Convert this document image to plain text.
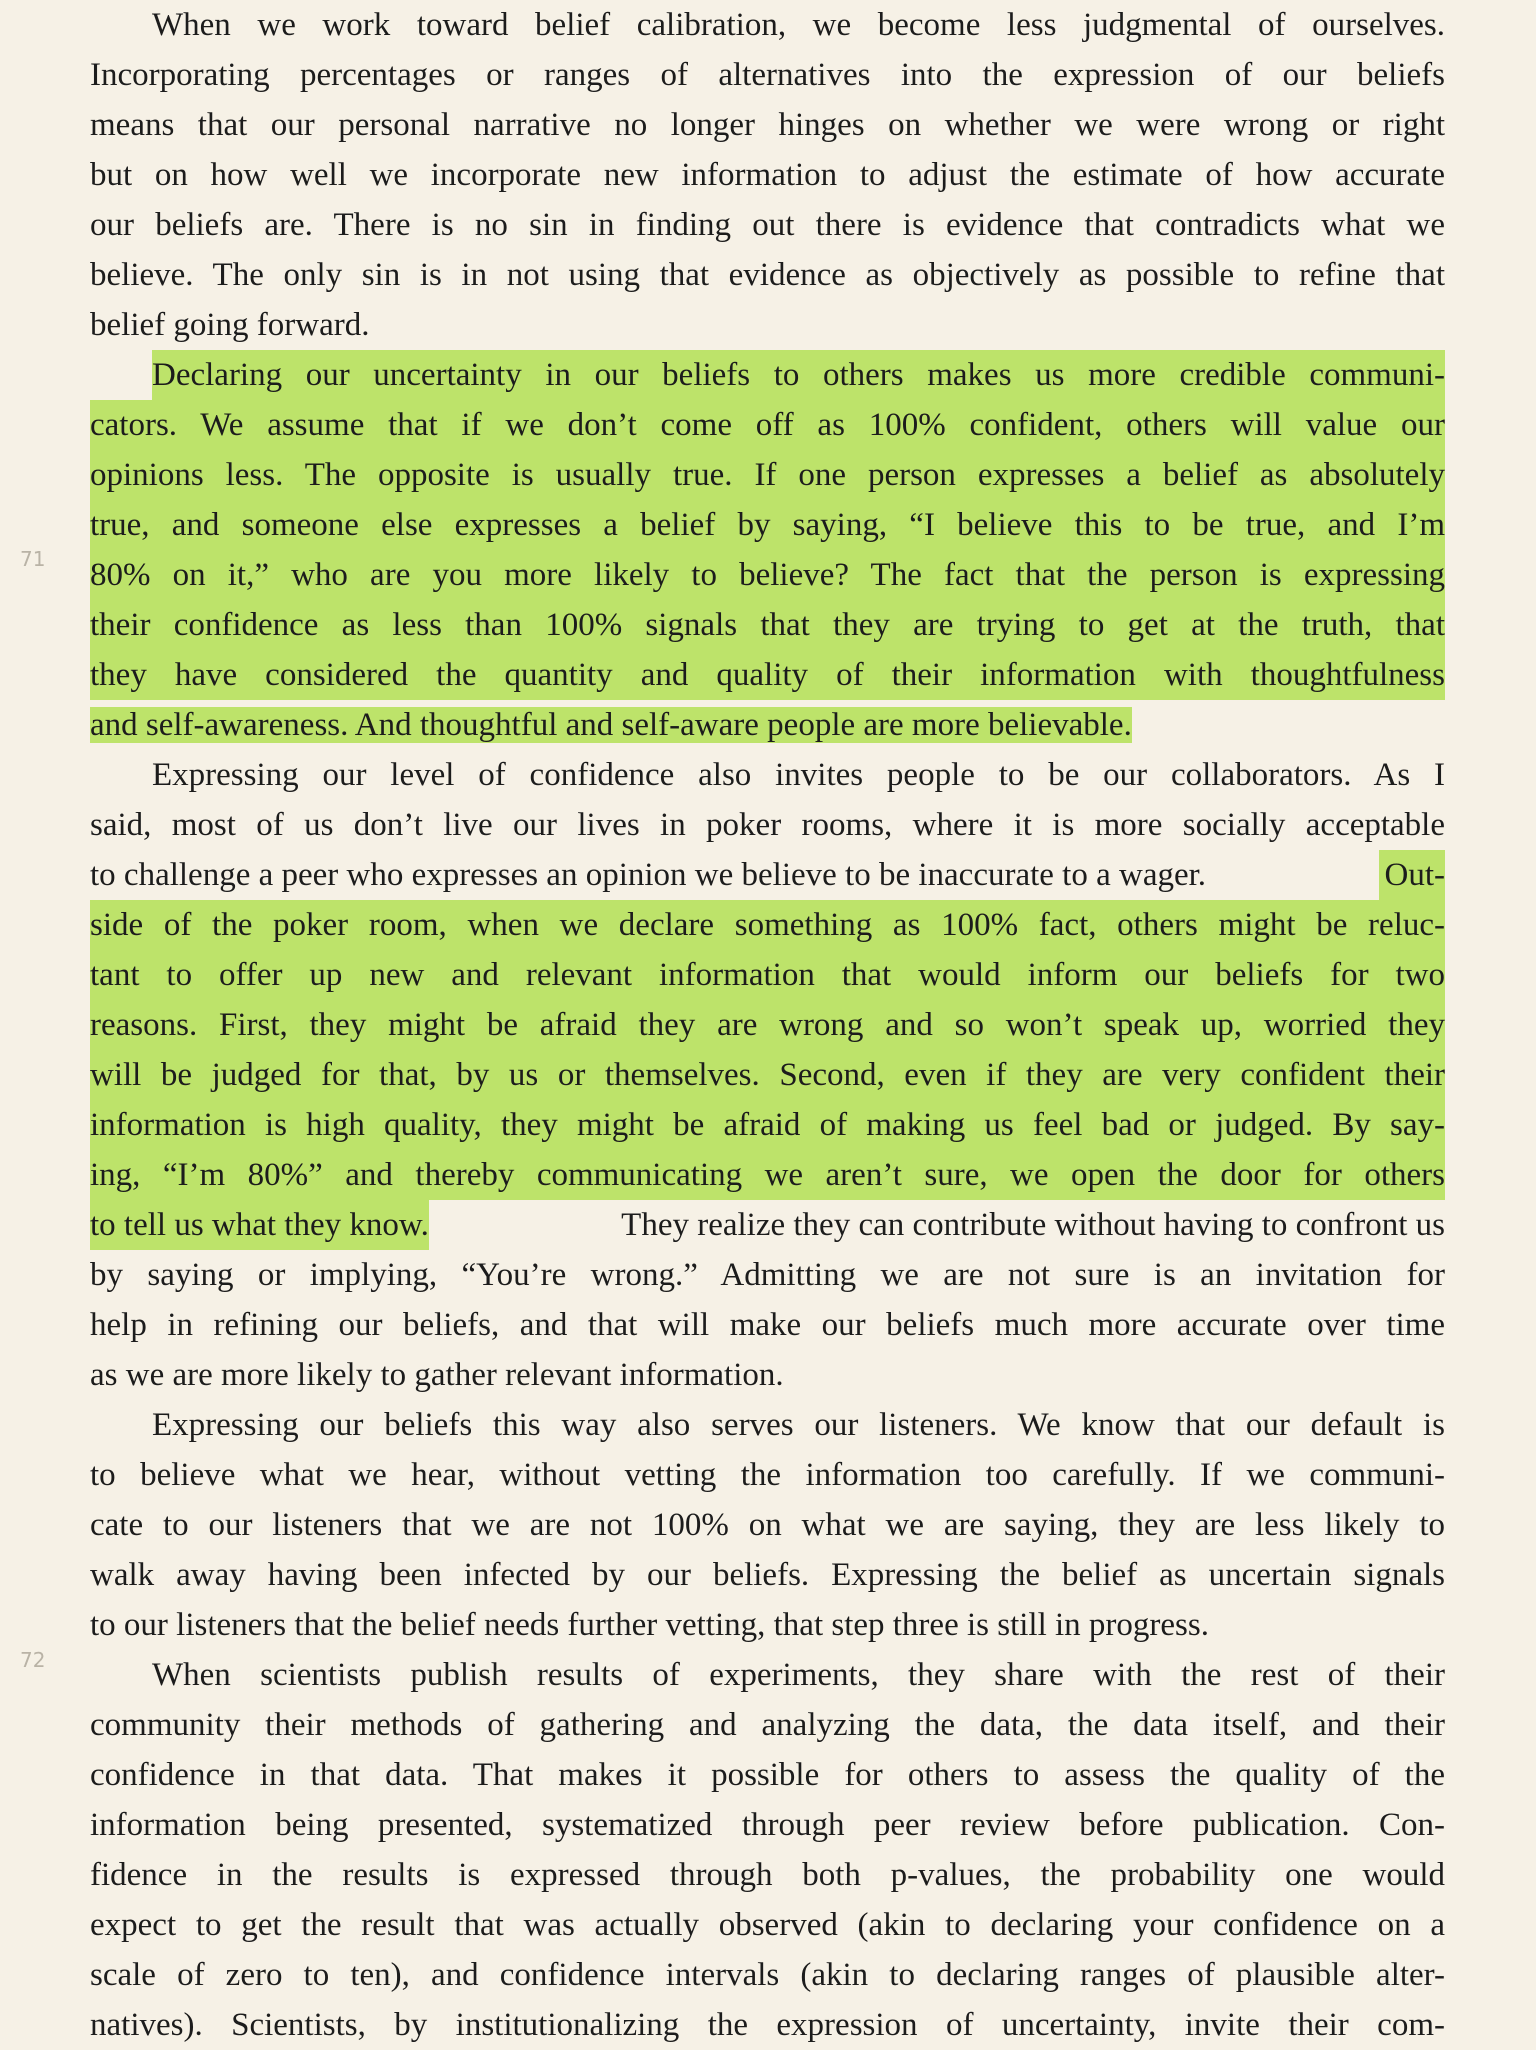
71
72
When we work toward belief calibration, we become less judgmental of ourselves.
Incorporating percentages or ranges of alternatives into the expression of our beliefs
means that our personal narrative no longer hinges on whether we were wrong or right
but on how well we incorporate new information to adjust the estimate of how accurate
our beliefs are. There is no sin in finding out there is evidence that contradicts what we
believe. The only sin is in not using that evidence as objectively as possible to refine that
belief going forward.
Declaring our uncertainty in our beliefs to others makes us more credible communi-
cators. We assume that if we don’t come off as 100% confident, others will value our
opinions less. The opposite is usually true. If one person expresses a belief as absolutely
true, and someone else expresses a belief by saying, “I believe this to be true, and I’m
80% on it,” who are you more likely to believe? The fact that the person is expressing
their confidence as less than 100% signals that they are trying to get at the truth, that
they have considered the quantity and quality of their information with thoughtfulness
and self-awareness. And thoughtful and self-aware people are more believable.
Expressing our level of confidence also invites people to be our collaborators. As I
said, most of us don’t live our lives in poker rooms, where it is more socially acceptable
to challenge a peer who expresses an opinion we believe to be inaccurate to a wager.	Out-
side of the poker room, when we declare something as 100% fact, others might be reluc-
tant to offer up new and relevant information that would inform our beliefs for two
reasons. First, they might be afraid they are wrong and so won’t speak up, worried they
will be judged for that, by us or themselves. Second, even if they are very confident their
information is high quality, they might be afraid of making us feel bad or judged. By say-
ing, “I’m 80%” and thereby communicating we aren’t sure, we open the door for others
to tell us what they know.	They realize they can contribute without having to confront us
by saying or implying, “You’re wrong.” Admitting we are not sure is an invitation for
help in refining our beliefs, and that will make our beliefs much more accurate over time
as we are more likely to gather relevant information.
Expressing our beliefs this way also serves our listeners. We know that our default is
to believe what we hear, without vetting the information too carefully. If we communi-
cate to our listeners that we are not 100% on what we are saying, they are less likely to
walk away having been infected by our beliefs. Expressing the belief as uncertain signals
to our listeners that the belief needs further vetting, that step three is still in progress.
When scientists publish results of experiments, they share with the rest of their
community their methods of gathering and analyzing the data, the data itself, and their
confidence in that data. That makes it possible for others to assess the quality of the
information being presented, systematized through peer review before publication. Con-
fidence in the results is expressed through both p-values, the probability one would
expect to get the result that was actually observed (akin to declaring your confidence on a
scale of zero to ten), and confidence intervals (akin to declaring ranges of plausible alter-
natives). Scientists, by institutionalizing the expression of uncertainty, invite their com-
